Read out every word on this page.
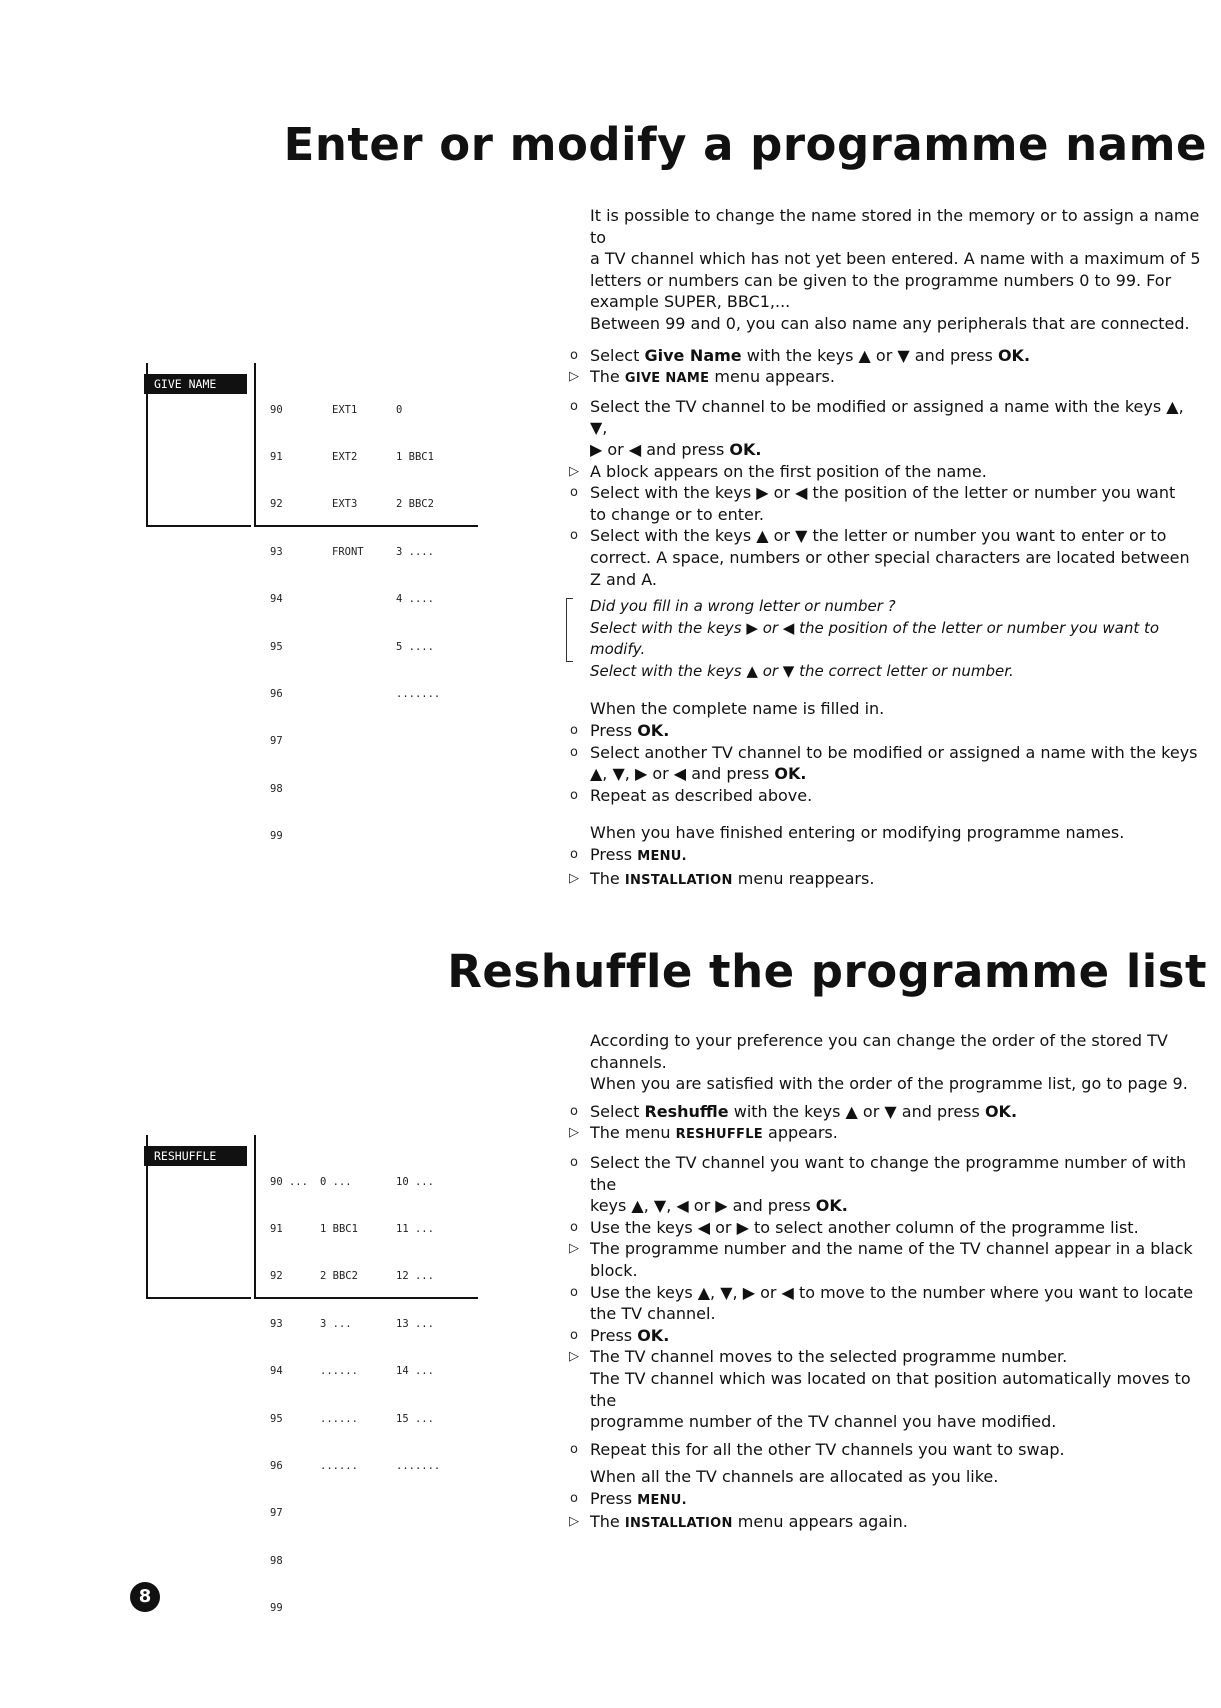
Enter or modify a programme name

It is possible to change the name stored in the memory or to assign a name to

a TV channel which has not yet been entered. A name with a maximum of 5

letters or numbers can be given to the programme numbers 0 to 99. For

example SUPER, BBC1,...

Between 99 and 0, you can also name any peripherals that are connected.

o Select Give Name with the keys ▲ or ▼ and press OK.
▷ The GIVE NAME menu appears.
o Select the TV channel to be modified or assigned a name with the keys ▲, ▼,
▶ or ◀ and press OK.
▷ A block appears on the first position of the name.
o Select with the keys ▶ or ◀ the position of the letter or number you want
to change or to enter.
o Select with the keys ▲ or ▼ the letter or number you want to enter or to
correct. A space, numbers or other special characters are located between
Z and A.
Did you fill in a wrong letter or number ?
Select with the keys ▶ or ◀ the position of the letter or number you want to modify.
Select with the keys ▲ or ▼ the correct letter or number.

When the complete name is filled in.

o Press OK.
o Select another TV channel to be modified or assigned a name with the keys
▲, ▼, ▶ or ◀ and press OK.
o Repeat as described above.

When you have finished entering or modifying programme names.

o Press MENU.
▷ The INSTALLATION menu reappears.
GIVE NAME

90

91

92

93

94

95

96

97

98

99

EXT1

EXT2

EXT3

FRONT

0

1 BBC1

2 BBC2

3 ....

4 ....

5 ....

.......

Reshuffle the programme list

According to your preference you can change the order of the stored TV

channels.

When you are satisfied with the order of the programme list, go to page 9.

o Select Reshuffle with the keys ▲ or ▼ and press OK.
▷ The menu RESHUFFLE appears.
o Select the TV channel you want to change the programme number of with the
keys ▲, ▼, ◀ or ▶ and press OK.
o Use the keys ◀ or ▶ to select another column of the programme list.
▷ The programme number and the name of the TV channel appear in a black
block.
o Use the keys ▲, ▼, ▶ or ◀ to move to the number where you want to locate
the TV channel.
o Press OK.
▷ The TV channel moves to the selected programme number.
The TV channel which was located on that position automatically moves to the
programme number of the TV channel you have modified.
o Repeat this for all the other TV channels you want to swap.

When all the TV channels are allocated as you like.

o Press MENU.
▷ The INSTALLATION menu appears again.
RESHUFFLE

90 ...

91

92

93

94

95

96

97

98

99

0 ...

1 BBC1

2 BBC2

3 ...

......

......

......

10 ...

11 ...

12 ...

13 ...

14 ...

15 ...

.......

8
